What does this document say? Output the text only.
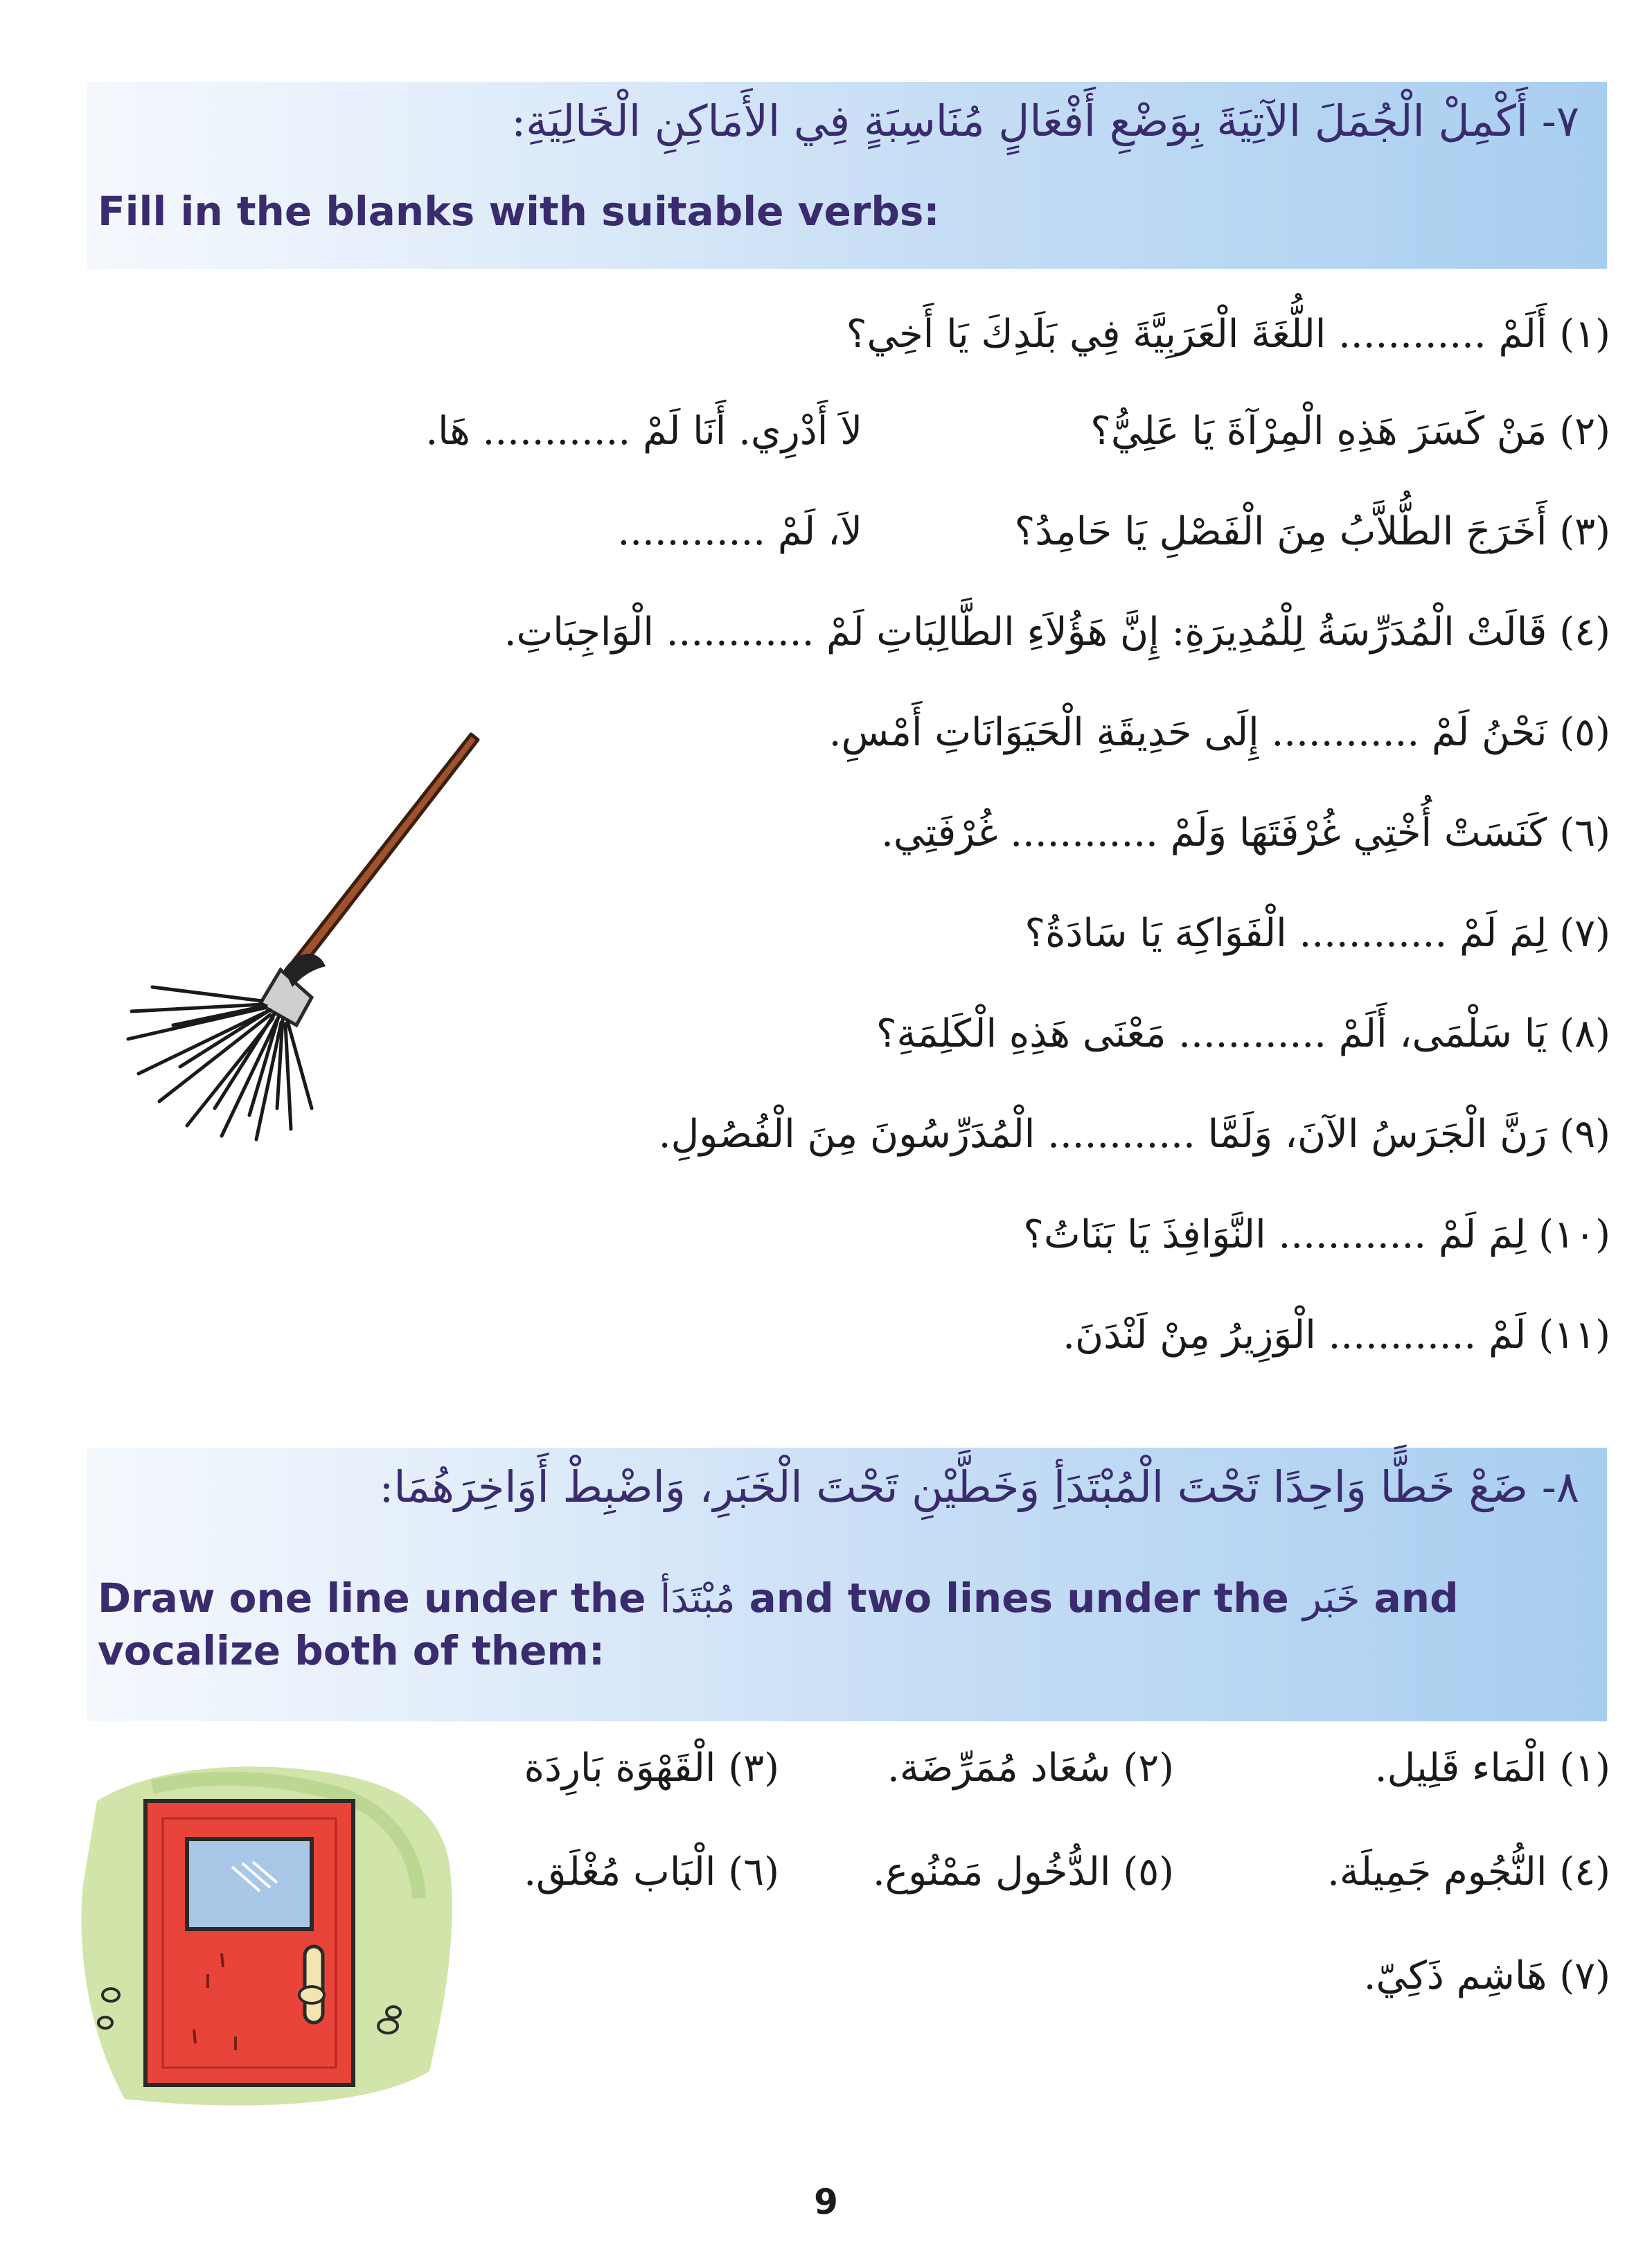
٧- أَكْمِلْ الْجُمَلَ الآتِيَةَ بِوَضْعِ أَفْعَالٍ مُنَاسِبَةٍ فِي الأَمَاكِنِ الْخَالِيَةِ:
Fill in the blanks with suitable verbs:
(١) أَلَمْ ............ اللُّغَةَ الْعَرَبِيَّةَ فِي بَلَدِكَ يَا أَخِي؟
(٢) مَنْ كَسَرَ هَذِهِ الْمِرْآةَ يَا عَلِيُّ؟
لاَ أَدْرِي. أَنَا لَمْ ............ هَا.
(٣) أَخَرَجَ الطُّلاَّبُ مِنَ الْفَصْلِ يَا حَامِدُ؟
لاَ، لَمْ ............
(٤) قَالَتْ الْمُدَرِّسَةُ لِلْمُدِيرَةِ: إِنَّ هَؤُلاَءِ الطَّالِبَاتِ لَمْ ............ الْوَاجِبَاتِ.
(٥) نَحْنُ لَمْ ............ إِلَى حَدِيقَةِ الْحَيَوَانَاتِ أَمْسِ.
(٦) كَنَسَتْ أُخْتِي غُرْفَتَهَا وَلَمْ ............ غُرْفَتِي.
(٧) لِمَ لَمْ ............ الْفَوَاكِهَ يَا سَادَةُ؟
(٨) يَا سَلْمَى، أَلَمْ ............ مَعْنَى هَذِهِ الْكَلِمَةِ؟
(٩) رَنَّ الْجَرَسُ الآنَ، وَلَمَّا ............ الْمُدَرِّسُونَ مِنَ الْفُصُولِ.
(١٠) لِمَ لَمْ ............ النَّوَافِذَ يَا بَنَاتُ؟
(١١) لَمْ ............ الْوَزِيرُ مِنْ لَنْدَنَ.
٨- ضَعْ خَطًّا وَاحِدًا تَحْتَ الْمُبْتَدَأِ وَخَطَّيْنِ تَحْتَ الْخَبَرِ، وَاضْبِطْ أَوَاخِرَهُمَا:
Draw one line under the مُبْتَدَأ and two lines under the خَبَر and vocalize both of them:
(١) الْمَاء قَلِيل.
(٢) سُعَاد مُمَرِّضَة.
(٣) الْقَهْوَة بَارِدَة
(٤) النُّجُوم جَمِيلَة.
(٥) الدُّخُول مَمْنُوع.
(٦) الْبَاب مُغْلَق.
(٧) هَاشِم ذَكِيّ.
9
